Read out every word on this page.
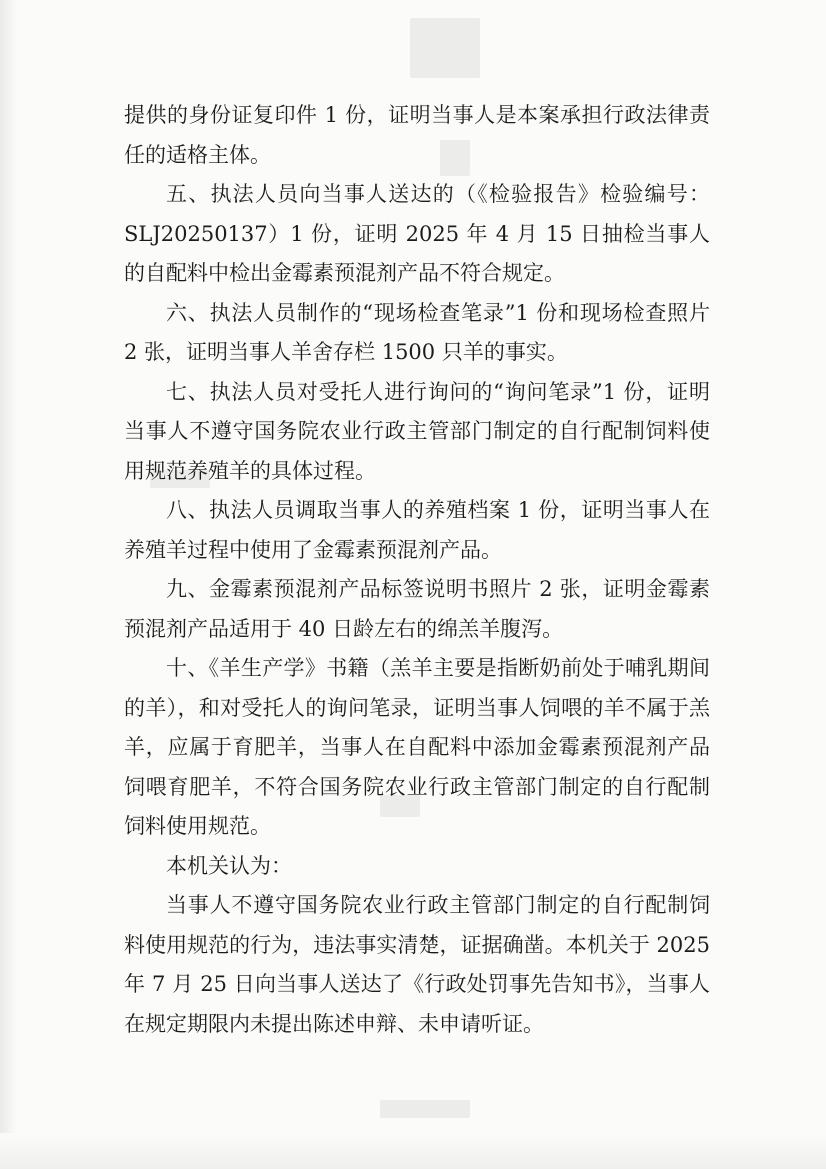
提供的身份证复印件 1 份，证明当事人是本案承担行政法律责任的适格主体。

五、执法人员向当事人送达的（《检验报告》检验编号：SLJ20250137）1 份，证明 2025 年 4 月 15 日抽检当事人的自配料中检出金霉素预混剂产品不符合规定。

六、执法人员制作的“现场检查笔录”1 份和现场检查照片 2 张，证明当事人羊舍存栏 1500 只羊的事实。

七、执法人员对受托人进行询问的“询问笔录”1 份，证明当事人不遵守国务院农业行政主管部门制定的自行配制饲料使用规范养殖羊的具体过程。

八、执法人员调取当事人的养殖档案 1 份，证明当事人在养殖羊过程中使用了金霉素预混剂产品。

九、金霉素预混剂产品标签说明书照片 2 张，证明金霉素预混剂产品适用于 40 日龄左右的绵羔羊腹泻。

十、《羊生产学》书籍（羔羊主要是指断奶前处于哺乳期间的羊），和对受托人的询问笔录，证明当事人饲喂的羊不属于羔羊，应属于育肥羊，当事人在自配料中添加金霉素预混剂产品饲喂育肥羊，不符合国务院农业行政主管部门制定的自行配制饲料使用规范。

本机关认为：

当事人不遵守国务院农业行政主管部门制定的自行配制饲料使用规范的行为，违法事实清楚，证据确凿。本机关于 2025 年 7 月 25 日向当事人送达了《行政处罚事先告知书》，当事人在规定期限内未提出陈述申辩、未申请听证。
